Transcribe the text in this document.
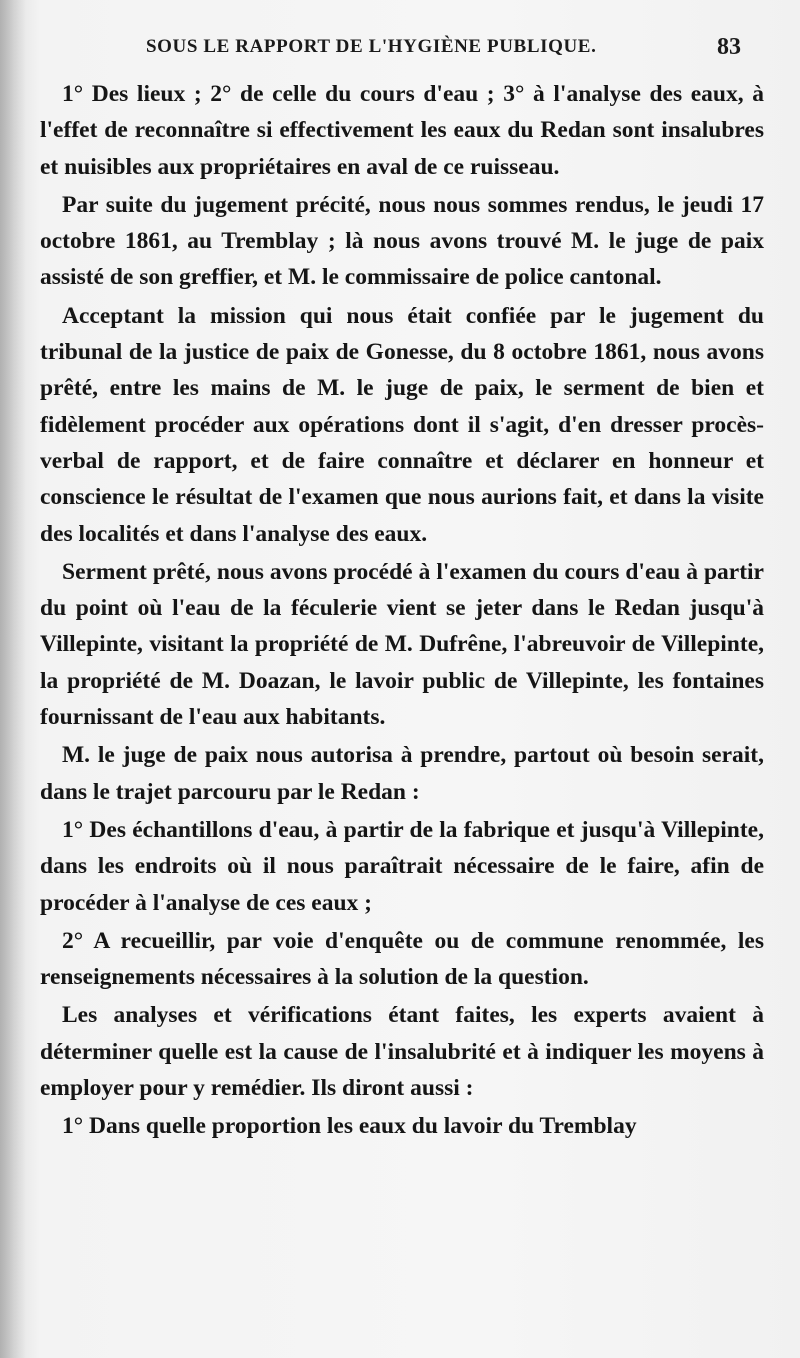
SOUS LE RAPPORT DE L'HYGIÈNE PUBLIQUE.	83

1° Des lieux ; 2° de celle du cours d'eau ; 3° à l'analyse des eaux, à l'effet de reconnaître si effectivement les eaux du Redan sont insalubres et nuisibles aux propriétaires en aval de ce ruisseau.

Par suite du jugement précité, nous nous sommes rendus, le jeudi 17 octobre 1861, au Tremblay ; là nous avons trouvé M. le juge de paix assisté de son greffier, et M. le commissaire de police cantonal.

Acceptant la mission qui nous était confiée par le jugement du tribunal de la justice de paix de Gonesse, du 8 octobre 1861, nous avons prêté, entre les mains de M. le juge de paix, le serment de bien et fidèlement procéder aux opérations dont il s'agit, d'en dresser procès-verbal de rapport, et de faire connaître et déclarer en honneur et conscience le résultat de l'examen que nous aurions fait, et dans la visite des localités et dans l'analyse des eaux.

Serment prêté, nous avons procédé à l'examen du cours d'eau à partir du point où l'eau de la féculerie vient se jeter dans le Redan jusqu'à Villepinte, visitant la propriété de M. Dufrêne, l'abreuvoir de Villepinte, la propriété de M. Doazan, le lavoir public de Villepinte, les fontaines fournissant de l'eau aux habitants.

M. le juge de paix nous autorisa à prendre, partout où besoin serait, dans le trajet parcouru par le Redan :

1° Des échantillons d'eau, à partir de la fabrique et jusqu'à Villepinte, dans les endroits où il nous paraîtrait nécessaire de le faire, afin de procéder à l'analyse de ces eaux ;

2° A recueillir, par voie d'enquête ou de commune renommée, les renseignements nécessaires à la solution de la question.

Les analyses et vérifications étant faites, les experts avaient à déterminer quelle est la cause de l'insalubrité et à indiquer les moyens à employer pour y remédier. Ils diront aussi :

1° Dans quelle proportion les eaux du lavoir du Tremblay
